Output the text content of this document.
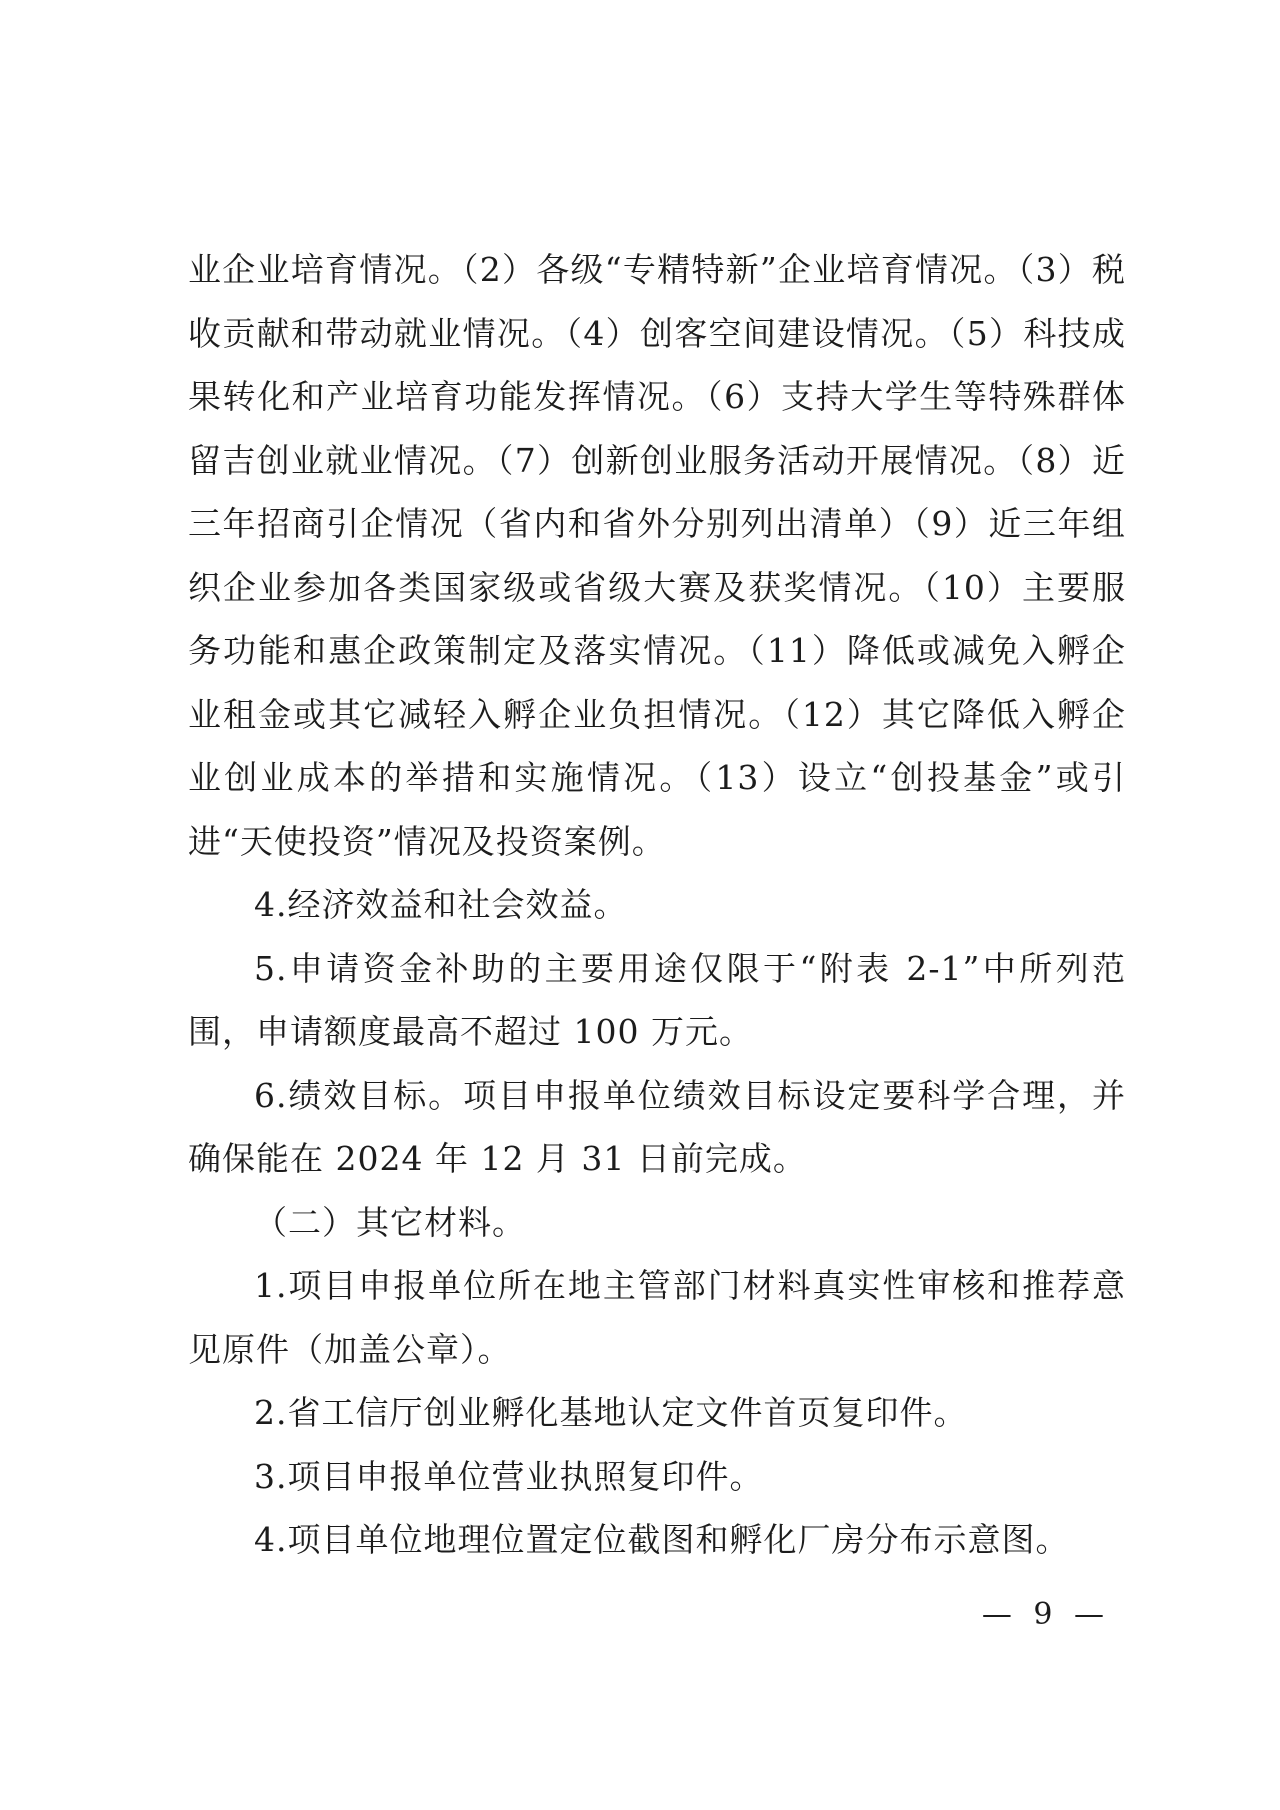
业企业培育情况。（2）各级“专精特新”企业培育情况。（3）税收贡献和带动就业情况。（4）创客空间建设情况。（5）科技成果转化和产业培育功能发挥情况。（6）支持大学生等特殊群体留吉创业就业情况。（7）创新创业服务活动开展情况。（8）近三年招商引企情况（省内和省外分别列出清单）（9）近三年组织企业参加各类国家级或省级大赛及获奖情况。（10）主要服务功能和惠企政策制定及落实情况。（11）降低或减免入孵企业租金或其它减轻入孵企业负担情况。（12）其它降低入孵企业创业成本的举措和实施情况。（13）设立“创投基金”或引进“天使投资”情况及投资案例。

4.经济效益和社会效益。

5.申请资金补助的主要用途仅限于“附表 2-1”中所列范围，申请额度最高不超过 100 万元。

6.绩效目标。项目申报单位绩效目标设定要科学合理，并确保能在 2024 年 12 月 31 日前完成。

（二）其它材料。

1.项目申报单位所在地主管部门材料真实性审核和推荐意见原件（加盖公章）。

2.省工信厅创业孵化基地认定文件首页复印件。

3.项目申报单位营业执照复印件。

4.项目单位地理位置定位截图和孵化厂房分布示意图。

— 9 —
